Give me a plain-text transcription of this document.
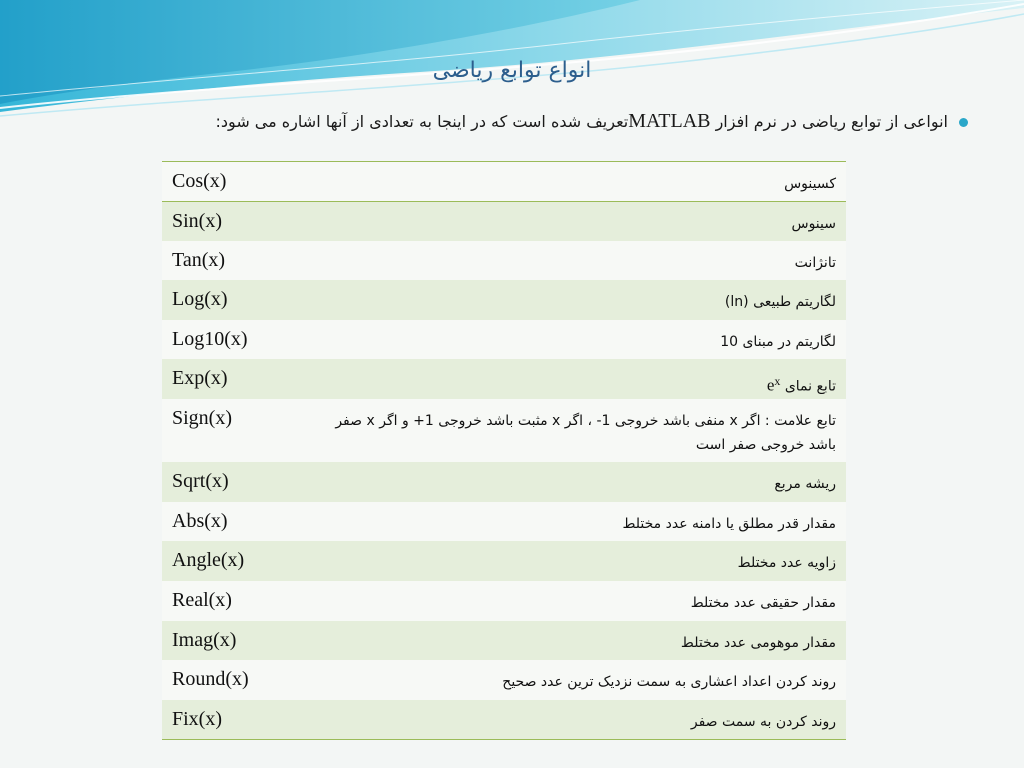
انواع توابع ریاضی
انواعی از توابع ریاضی در نرم افزار MATLABتعریف شده است که در اینجا به تعدادی از آنها اشاره می شود:
Cos(x)	کسینوس
Sin(x)	سینوس
Tan(x)	تانژانت
Log(x)	لگاریتم طبیعی (ln)
Log10(x)	لگاریتم در مبنای 10
Exp(x)	تابع نمای $e^x$
Sign(x)	تابع علامت : اگر x منفی باشد خروجی 1- ، اگر x مثبت باشد خروجی 1+ و اگر x صفر باشد خروجی صفر است
Sqrt(x)	ریشه مربع
Abs(x)	مقدار قدر مطلق یا دامنه عدد مختلط
Angle(x)	زاویه عدد مختلط
Real(x)	مقدار حقیقی عدد مختلط
Imag(x)	مقدار موهومی عدد مختلط
Round(x)	روند کردن اعداد اعشاری به سمت نزدیک ترین عدد صحیح
Fix(x)	روند کردن به سمت صفر
